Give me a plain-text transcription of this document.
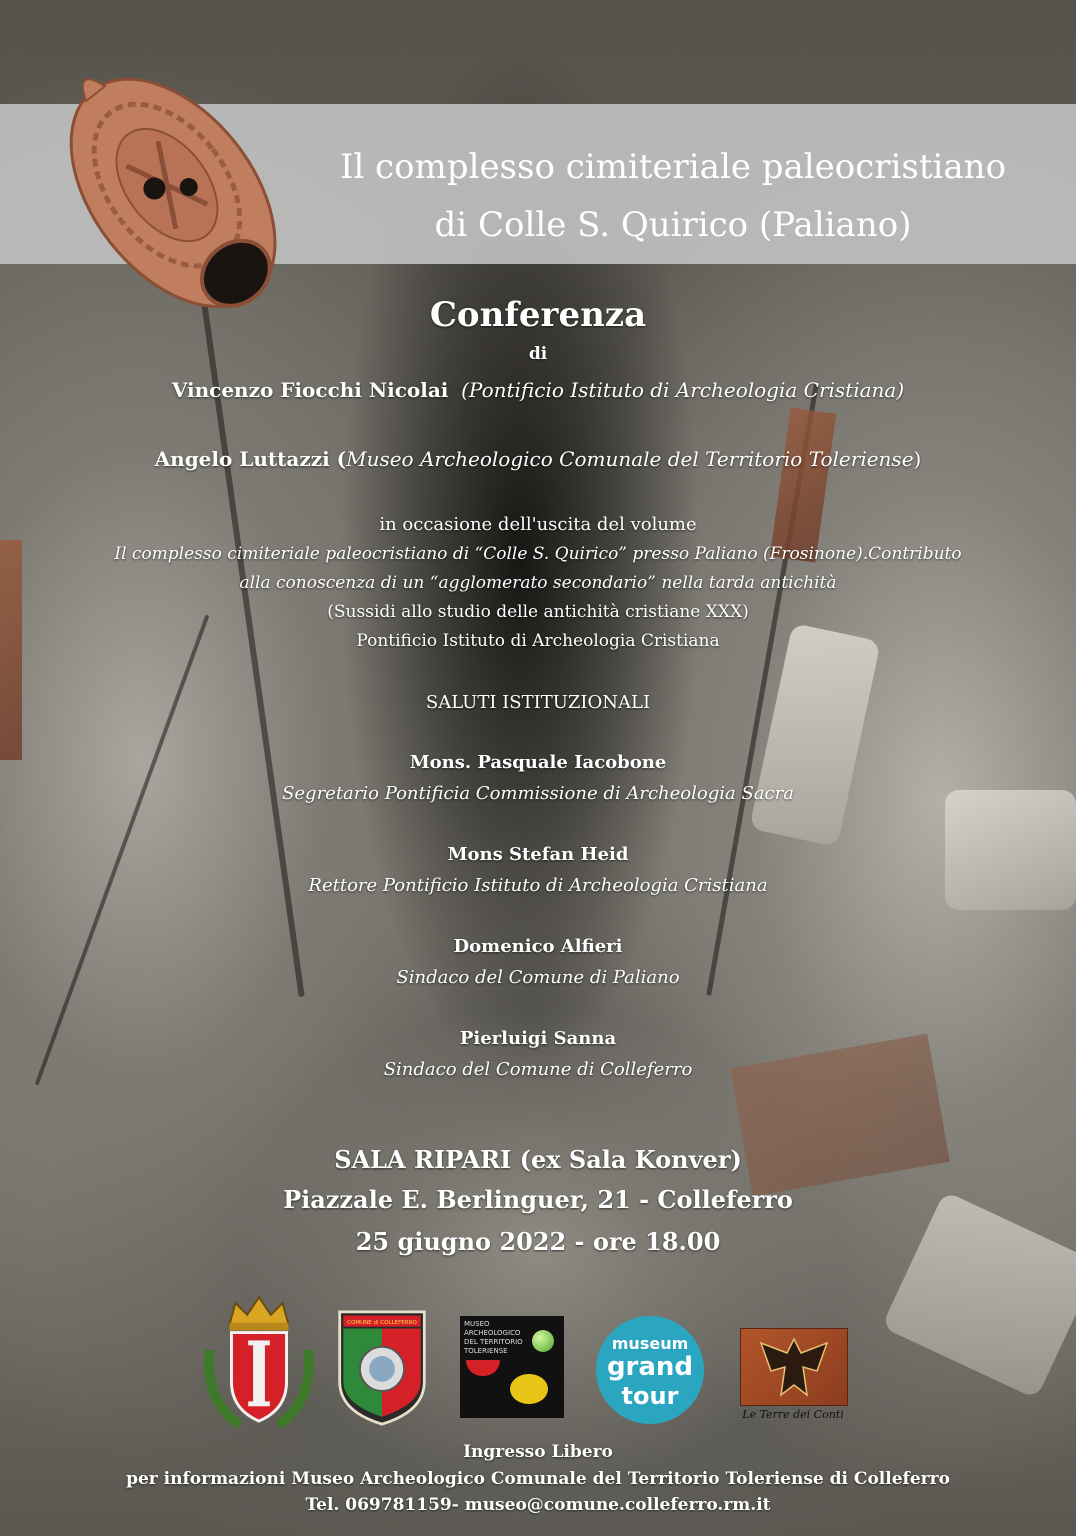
Il complesso cimiteriale paleocristiano
di Colle S. Quirico (Paliano)
Conferenza
di
Vincenzo Fiocchi Nicolai (Pontificio Istituto di Archeologia Cristiana)
Angelo Luttazzi (Museo Archeologico Comunale del Territorio Toleriense)
in occasione dell'uscita del volume
Il complesso cimiteriale paleocristiano di “Colle S. Quirico” presso Paliano (Frosinone).Contributo
alla conoscenza di un “agglomerato secondario” nella tarda antichità
(Sussidi allo studio delle antichità cristiane XXX)
Pontificio Istituto di Archeologia Cristiana
SALUTI ISTITUZIONALI
Mons. Pasquale Iacobone
Segretario Pontificia Commissione di Archeologia Sacra
Mons Stefan Heid
Rettore Pontificio Istituto di Archeologia Cristiana
Domenico Alfieri
Sindaco del Comune di Paliano
Pierluigi Sanna
Sindaco del Comune di Colleferro
SALA RIPARI (ex Sala Konver)
Piazzale E. Berlinguer, 21 - Colleferro
25 giugno 2022 - ore 18.00
COMUNE di COLLEFERRO	MUSEO ARCHEOLOGICO DEL TERRITORIO TOLERIENSE	museum
grand
tour
Le Terre dei Conti
Ingresso Libero
per informazioni Museo Archeologico Comunale del Territorio Toleriense di Colleferro
Tel. 069781159- museo@comune.colleferro.rm.it
